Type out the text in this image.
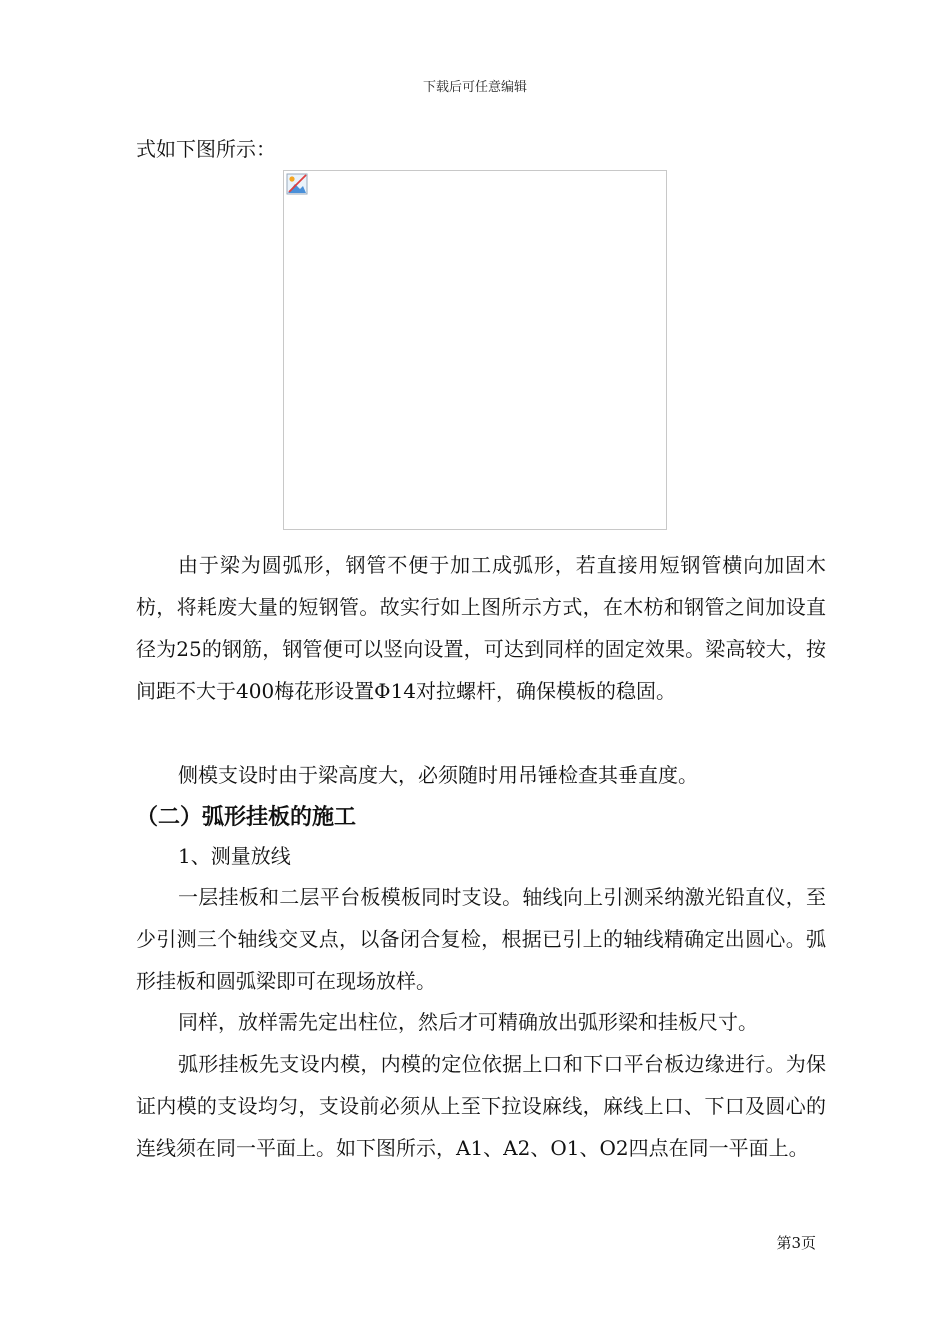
下载后可任意编辑
式如下图所示：
由于梁为圆弧形，钢管不便于加工成弧形，若直接用短钢管横向加固木枋，将耗废大量的短钢管。故实行如上图所示方式，在木枋和钢管之间加设直径为25的钢筋，钢管便可以竖向设置，可达到同样的固定效果。梁高较大，按间距不大于400梅花形设置Φ14对拉螺杆，确保模板的稳固。
侧模支设时由于梁高度大，必须随时用吊锤检查其垂直度。
（二）弧形挂板的施工
1、测量放线
一层挂板和二层平台板模板同时支设。轴线向上引测采纳激光铅直仪，至少引测三个轴线交叉点，以备闭合复检，根据已引上的轴线精确定出圆心。弧形挂板和圆弧梁即可在现场放样。
同样，放样需先定出柱位，然后才可精确放出弧形梁和挂板尺寸。
弧形挂板先支设内模，内模的定位依据上口和下口平台板边缘进行。为保证内模的支设均匀，支设前必须从上至下拉设麻线，麻线上口、下口及圆心的连线须在同一平面上。如下图所示，A1、A2、O1、O2四点在同一平面上。
第3页
